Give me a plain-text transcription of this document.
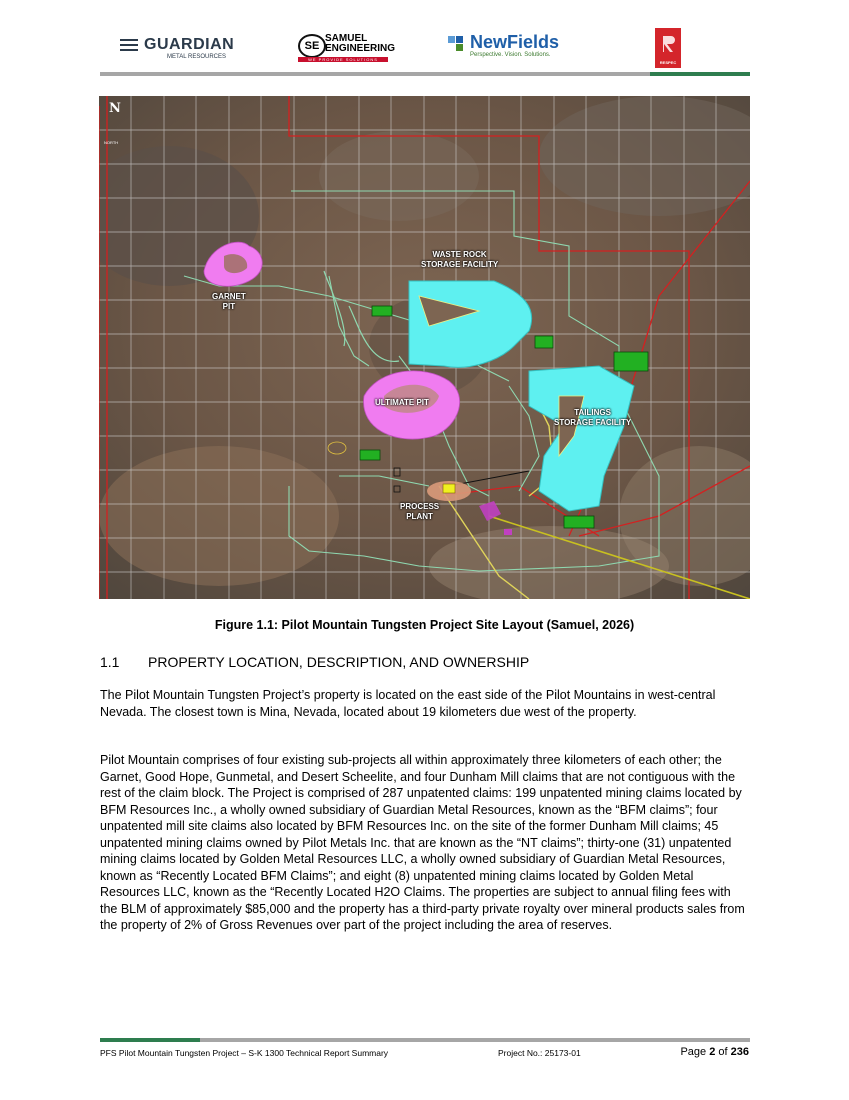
GUARDIAN
METAL RESOURCES
SE
SAMUEL
ENGINEERING
WE PROVIDE SOLUTIONS
NewFields
Perspective. Vision. Solutions.
RESPEC
N
NORTH
WASTE ROCK
STORAGE FACILITY
GARNET
PIT
ULTIMATE PIT
TAILINGS
STORAGE FACILITY
PROCESS
PLANT
Figure 1.1: Pilot Mountain Tungsten Project Site Layout (Samuel, 2026)
1.1 PROPERTY LOCATION, DESCRIPTION, AND OWNERSHIP

The Pilot Mountain Tungsten Project’s property is located on the east side of the Pilot Mountains in west-central Nevada. The closest town is Mina, Nevada, located about 19 kilometers due west of the property.

Pilot Mountain comprises of four existing sub-projects all within approximately three kilometers of each other; the Garnet, Good Hope, Gunmetal, and Desert Scheelite, and four Dunham Mill claims that are not contiguous with the rest of the claim block. The Project is comprised of 287 unpatented claims: 199 unpatented mining claims located by BFM Resources Inc., a wholly owned subsidiary of Guardian Metal Resources, known as the “BFM claims”; four unpatented mill site claims also located by BFM Resources Inc. on the site of the former Dunham Mill claims; 45 unpatented mining claims owned by Pilot Metals Inc. that are known as the “NT claims”; thirty-one (31) unpatented mining claims located by Golden Metal Resources LLC, a wholly owned subsidiary of Guardian Metal Resources, known as “Recently Located BFM Claims”; and eight (8) unpatented mining claims located by Golden Metal Resources LLC, known as the “Recently Located H2O Claims. The properties are subject to annual filing fees with the BLM of approximately $85,000 and the property has a third-party private royalty over mineral products sales from the property of 2% of Gross Revenues over part of the project including the area of reserves.

PFS Pilot Mountain Tungsten Project – S-K 1300 Technical Report Summary	Project No.: 25173-01	Page 2 of 236
